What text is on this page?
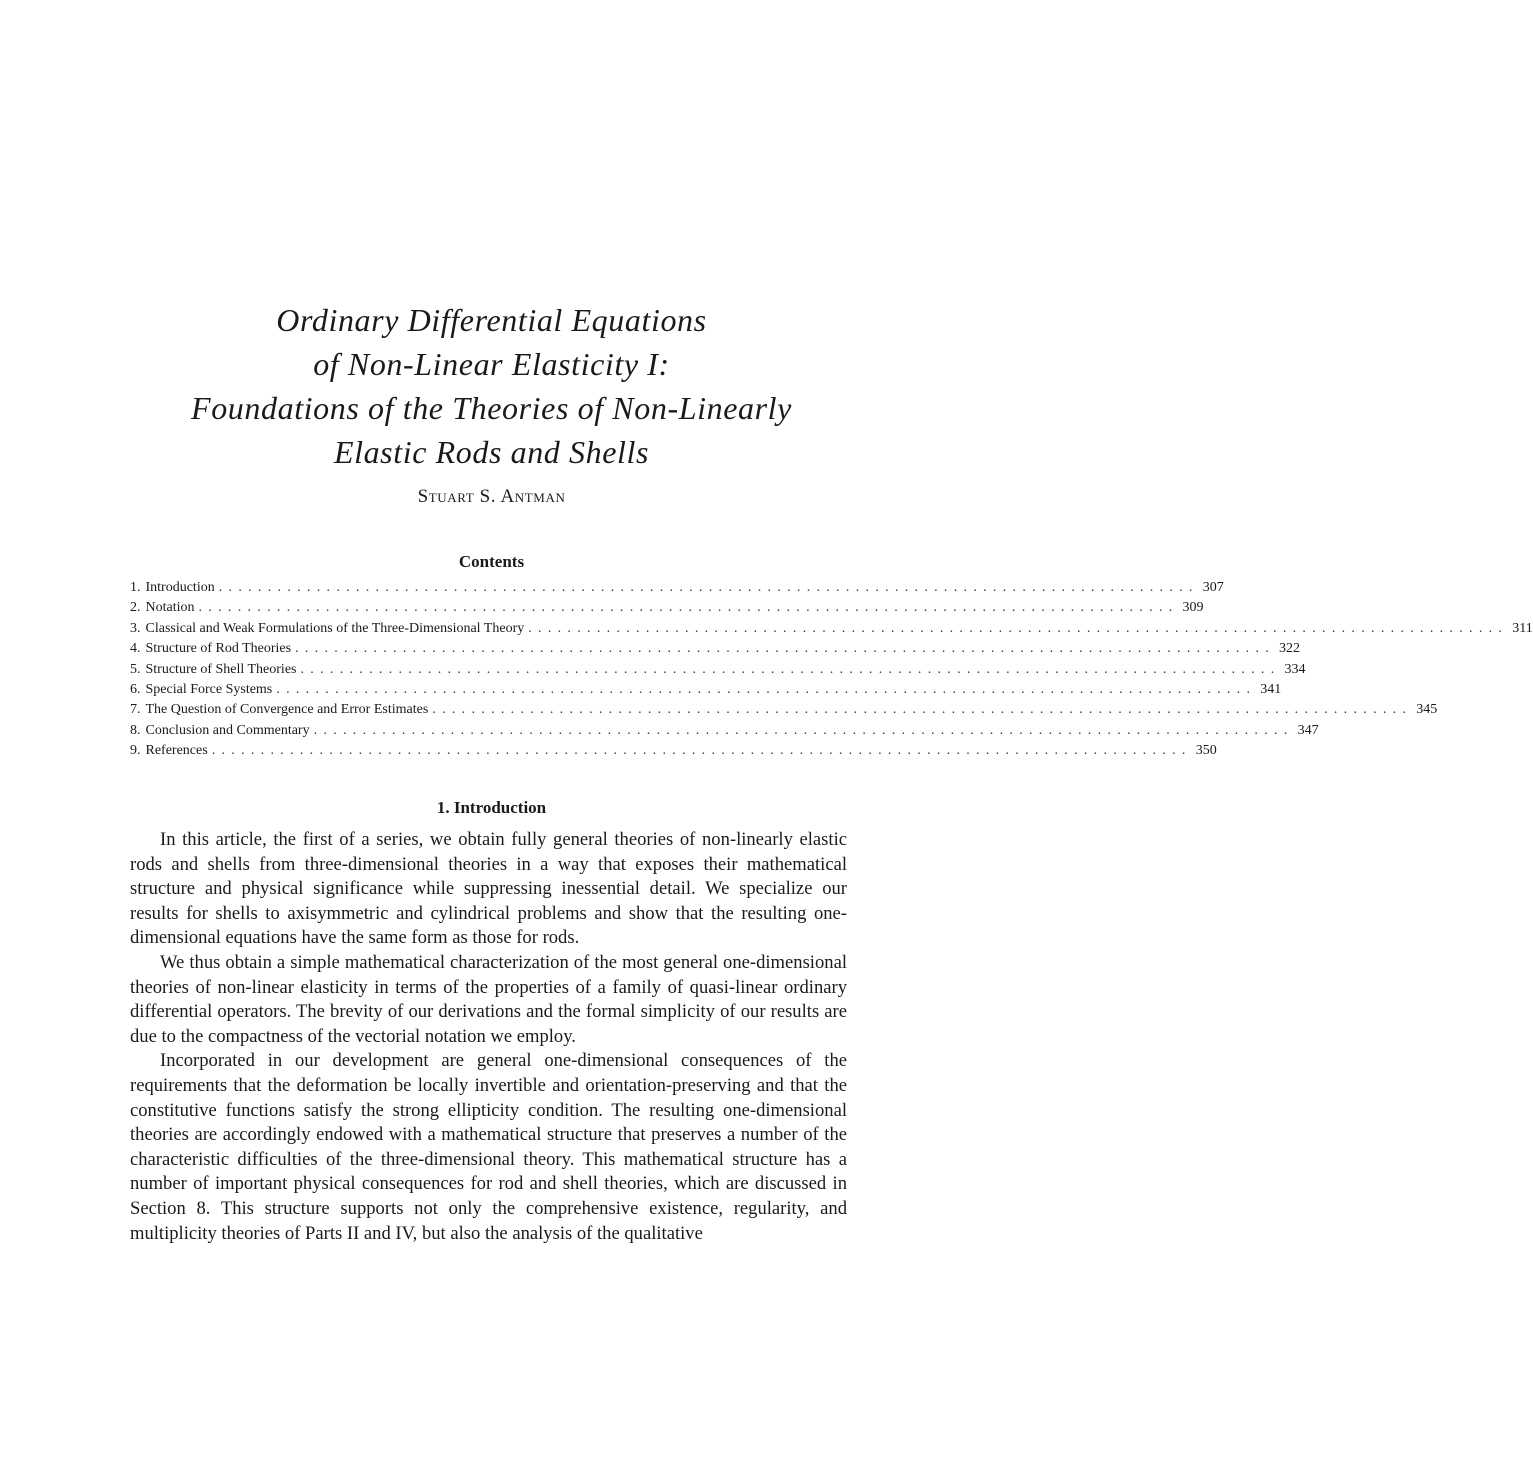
Ordinary Differential Equations
of Non-Linear Elasticity I:
Foundations of the Theories of Non-Linearly
Elastic Rods and Shells
Stuart S. Antman
Contents
1. Introduction .................................................................................................... 307
2. Notation .................................................................................................... 309
3. Classical and Weak Formulations of the Three-Dimensional Theory .................................................................................................... 311
4. Structure of Rod Theories .................................................................................................... 322
5. Structure of Shell Theories .................................................................................................... 334
6. Special Force Systems .................................................................................................... 341
7. The Question of Convergence and Error Estimates .................................................................................................... 345
8. Conclusion and Commentary .................................................................................................... 347
9. References .................................................................................................... 350
1. Introduction

In this article, the first of a series, we obtain fully general theories of non-linearly elastic rods and shells from three-dimensional theories in a way that exposes their mathematical structure and physical significance while suppressing inessential detail. We specialize our results for shells to axisymmetric and cylindrical problems and show that the resulting one-dimensional equations have the same form as those for rods.

We thus obtain a simple mathematical characterization of the most general one-dimensional theories of non-linear elasticity in terms of the properties of a family of quasi-linear ordinary differential operators. The brevity of our derivations and the formal simplicity of our results are due to the compactness of the vectorial notation we employ.

Incorporated in our development are general one-dimensional consequences of the requirements that the deformation be locally invertible and orientation-preserving and that the constitutive functions satisfy the strong ellipticity condition. The resulting one-dimensional theories are accordingly endowed with a mathematical structure that preserves a number of the characteristic difficulties of the three-dimensional theory. This mathematical structure has a number of important physical consequences for rod and shell theories, which are discussed in Section 8. This structure supports not only the comprehensive existence, regularity, and multiplicity theories of Parts II and IV, but also the analysis of the qualitative
